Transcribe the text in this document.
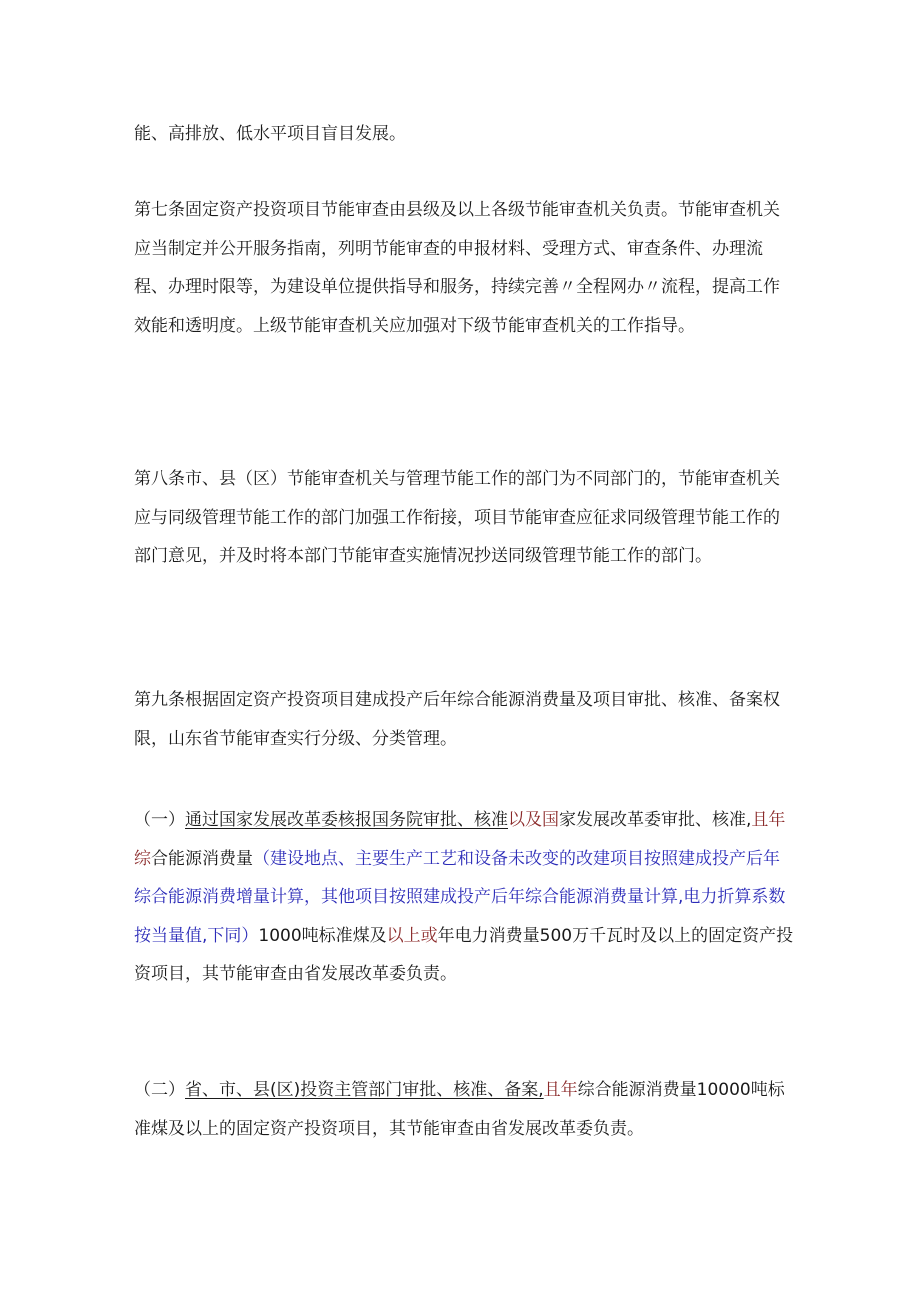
能、高排放、低水平项目盲目发展。

第七条固定资产投资项目节能审查由县级及以上各级节能审查机关负责。节能审查机关应当制定并公开服务指南，列明节能审查的申报材料、受理方式、审查条件、办理流程、办理时限等，为建设单位提供指导和服务，持续完善〃全程网办〃流程，提高工作效能和透明度。上级节能审查机关应加强对下级节能审查机关的工作指导。

第八条市、县（区）节能审查机关与管理节能工作的部门为不同部门的，节能审查机关应与同级管理节能工作的部门加强工作衔接，项目节能审查应征求同级管理节能工作的部门意见，并及时将本部门节能审查实施情况抄送同级管理节能工作的部门。

第九条根据固定资产投资项目建成投产后年综合能源消费量及项目审批、核准、备案权限，山东省节能审查实行分级、分类管理。

（一）通过国家发展改革委核报国务院审批、核准以及国家发展改革委审批、核准,且年综合能源消费量（建设地点、主要生产工艺和设备未改变的改建项目按照建成投产后年综合能源消费增量计算，其他项目按照建成投产后年综合能源消费量计算,电力折算系数按当量值,下同）1000吨标准煤及以上或年电力消费量500万千瓦时及以上的固定资产投资项目，其节能审查由省发展改革委负责。

（二）省、市、县(区)投资主管部门审批、核准、备案,且年综合能源消费量10000吨标准煤及以上的固定资产投资项目，其节能审查由省发展改革委负责。
